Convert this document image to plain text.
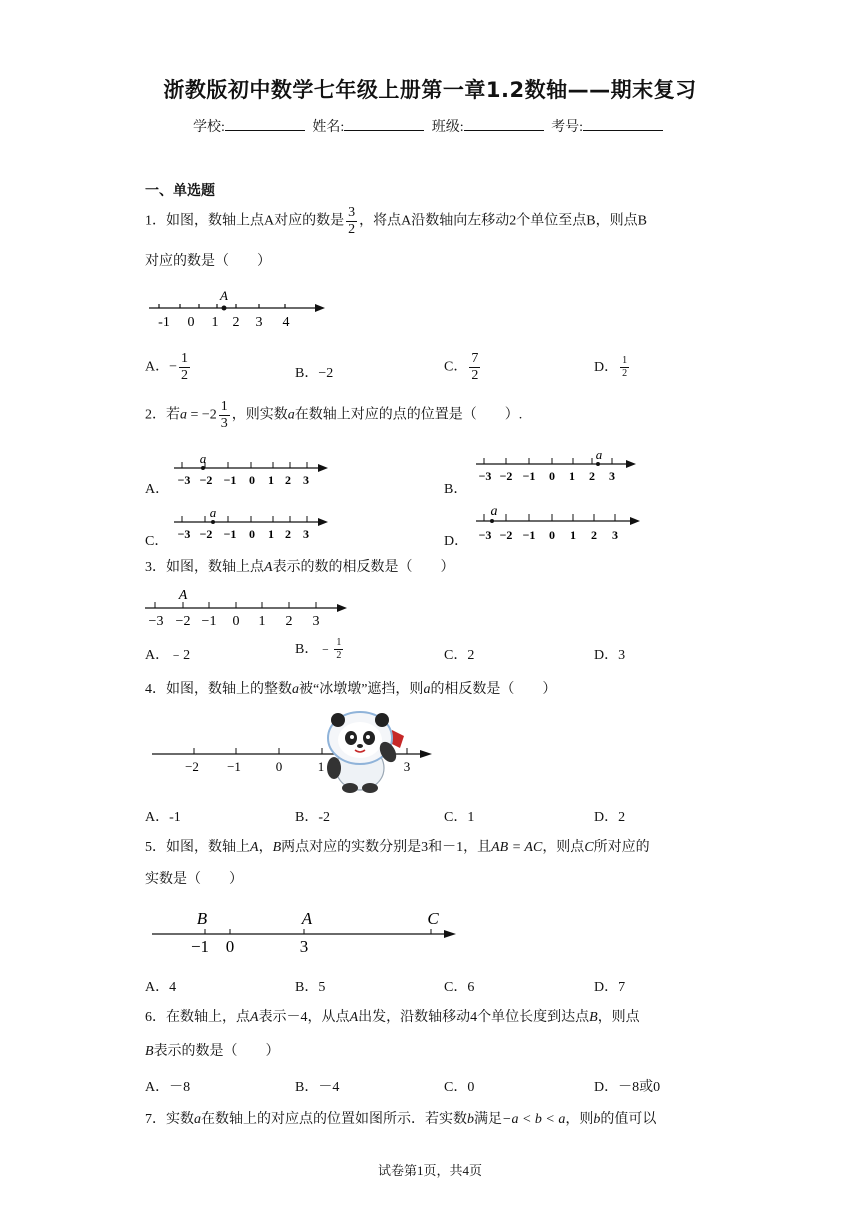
浙教版初中数学七年级上册第一章1.2数轴——期末复习
学校:	姓名:	班级:	考号:
一、单选题
1．如图，数轴上点A对应的数是 $\frac{3}{2}$ ，将点A沿数轴向左移动2个单位至点B，则点B
对应的数是（　　）
A
-1 0 1 2 3 4
A．− $\frac{1}{2}$	B．−2	C． $\frac{7}{2}$	D． $\frac{1}{2}$
2．若$a = -2 \frac{1}{3}$ ，则实数a在数轴上对应的点的位置是（　　）.
A．
a
−3 −2 −1 0 1 2 3
B．
a
−3 −2 −1 0 1 2 3
C．
a
−3 −2 −1 0 1 2 3	D．
a
−3 −2 −1 0 1 2 3
3．如图，数轴上点A表示的数的相反数是（　　）
A
−3 −2 −1 0 1 2 3
A．﹣2	B．﹣ $\frac{1}{2}$	C．2	D．3
4．如图，数轴上的整数a被“冰墩墩”遮挡，则a的相反数是（　　）
−2 −1	0	1	3
A．-1	B．-2	C．1	D．2
5．如图，数轴上A，B两点对应的实数分别是3和－1，且AB = AC，则点C所对应的
实数是（　　）
B	A	C
−1 0	3
A．4	B．5	C．6	D．7
6．在数轴上，点A表示－4，从点A出发，沿数轴移动4个单位长度到达点B，则点
B表示的数是（　　）
A．－8	B．－4	C．0	D．－8或0
7．实数a在数轴上的对应点的位置如图所示．若实数b满足−a < b < a，则b的值可以
试卷第1页，共4页
